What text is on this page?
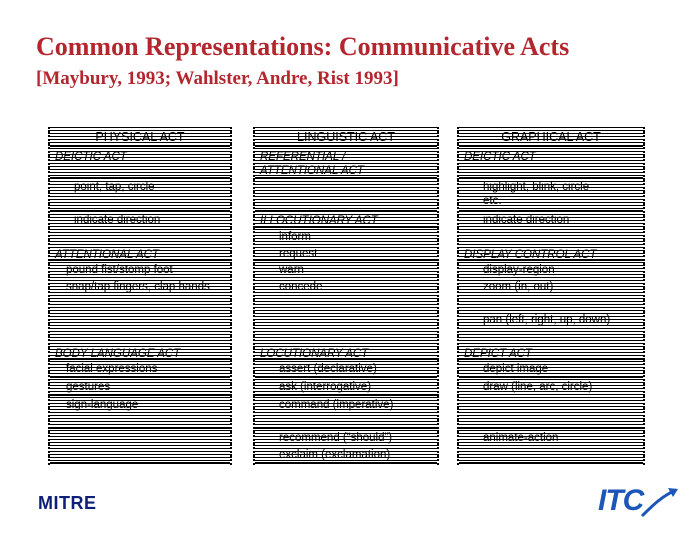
Common Representations: Communicative Acts
[Maybury, 1993; Wahlster, Andre, Rist 1993]
PHYSICAL ACT
DEICTIC ACT
point, tap, circle
indicate direction
ATTENTIONAL ACT
pound fist/stomp foot
snap/tap fingers, clap hands
BODY LANGUAGE ACT
facial expressions
gestures
sign-language
LINGUISTIC ACT
REFERENTIAL / ATTENTIONAL ACT
ILLOCUTIONARY ACT
inform
request
warn
concede
LOCUTIONARY ACT
assert (declarative)
ask (interrogative)
command (imperative)
recommend (“should”)
exclaim (exclamation)
GRAPHICAL ACT
DEICTIC ACT
highlight, blink, circle etc.
indicate direction
DISPLAY CONTROL ACT
display-region
zoom (in, out)
pan (left, right, up, down)
DEPICT ACT
depict image
draw (line, arc, circle)
animate-action
MITRE	ITC
